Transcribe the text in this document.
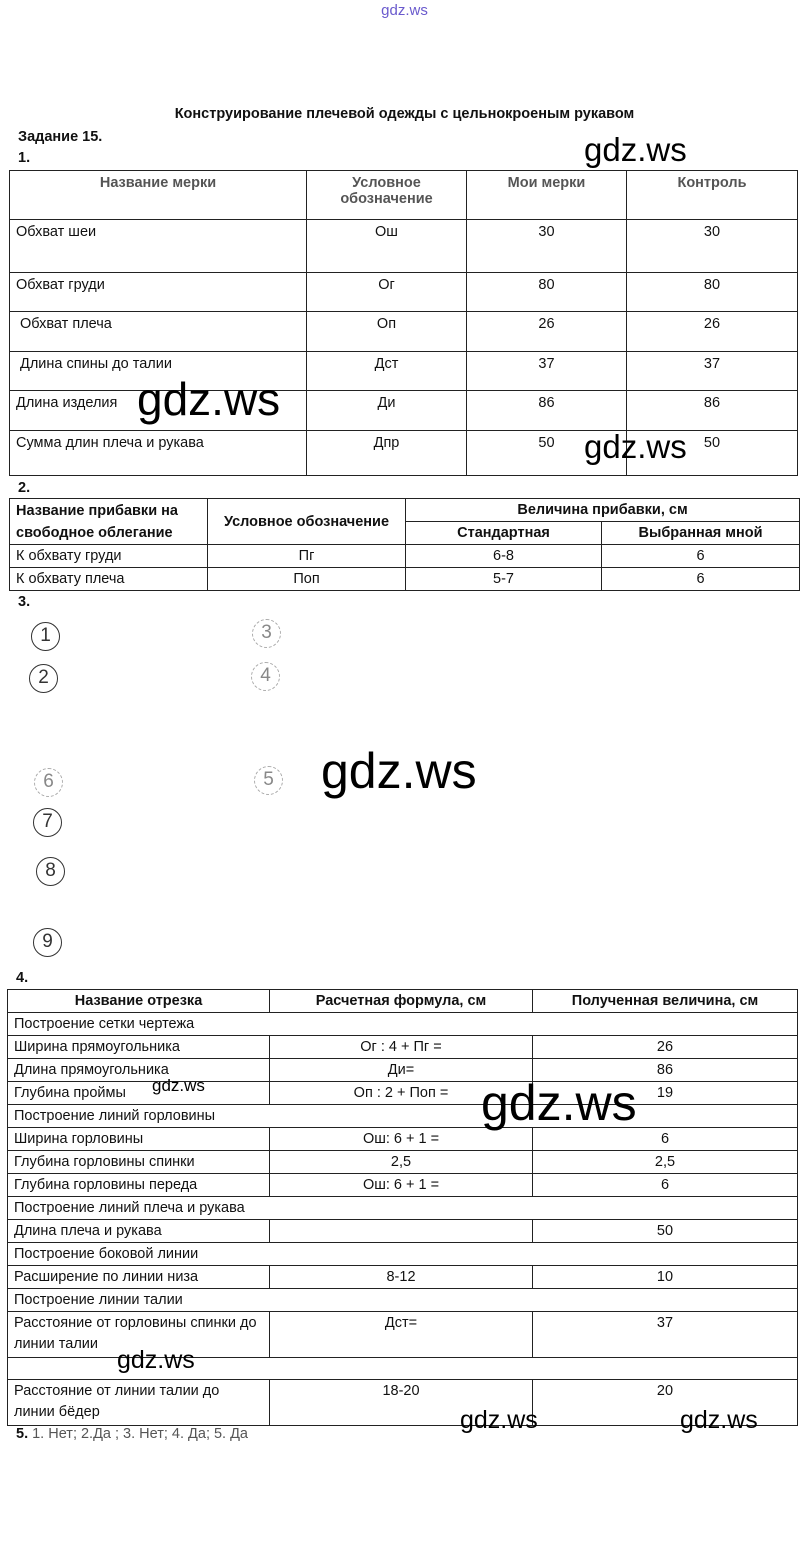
gdz.ws
Конструирование плечевой одежды с цельнокроеным рукавом
Задание 15.
1.
Название мерки	Условное обозначение	Мои мерки	Контроль
Обхват шеи	Ош	30	30
Обхват груди	Ог	80	80
Обхват плеча	Оп	26	26
Длина спины до талии	Дст	37	37
Длина изделия	Ди	86	86
Сумма длин плеча и рукава	Дпр	50	50
2.
Название прибавки на свободное облегание	Условное обозначение	Величина прибавки, см	
		Стандартная	Выбранная мной
К обхвату груди	Пг	6-8	6
К обхвату плеча	Поп	5-7	6
3.
1
2
3
4
5
6
7
8
9
4.
Название отрезка	Расчетная формула, см	Полученная величина, см
Построение сетки чертежа		
Ширина прямоугольника	Ог : 4 + Пг =	26
Длина прямоугольника	Ди=	86
Глубина проймы	Оп : 2 + Поп =	19
Построение линий горловины		
Ширина горловины	Ош: 6 + 1 =	6
Глубина горловины спинки	2,5	2,5
Глубина горловины переда	Ош: 6 + 1 =	6
Построение линий плеча и рукава		
Длина плеча и рукава		50
Построение боковой линии		
Расширение по линии низа	8-12	10
Построение линии талии		
Расстояние от горловины спинки до линии талии	Дст=	37

Расстояние от линии талии до линии бёдер	18-20	20
5. 1. Нет; 2.Да ; 3. Нет; 4. Да; 5. Да
gdz.ws
gdz.ws
gdz.ws
gdz.ws
gdz.ws	gdz.ws
gdz.ws
gdz.ws	gdz.ws
